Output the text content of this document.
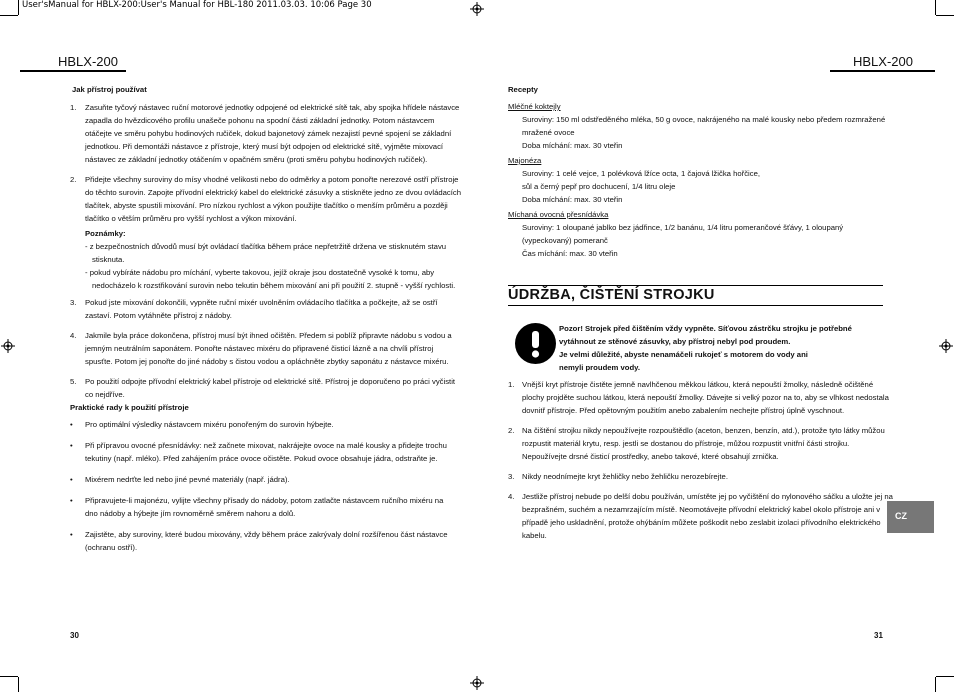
User'sManual for HBLX-200:User's Manual for HBL-180 2011.03.03. 10:06 Page 30
HBLX-200	HBLX-200
Jak přístroj používat
1. Zasuňte tyčový nástavec ruční motorové jednotky odpojené od elektrické sítě tak, aby spojka hřídele nástavce
zapadla do hvězdicového profilu unašeče pohonu na spodní části základní jednotky. Potom nástavcem
otáčejte ve směru pohybu hodinových ručiček, dokud bajonetový zámek nezajistí pevné spojení se základní
jednotkou. Při demontáži nástavce z přístroje, který musí být odpojen od elektrické sítě, vyjměte mixovací
nástavec ze základní jednotky otáčením v opačném směru (proti směru pohybu hodinových ručiček).
2. Přidejte všechny suroviny do mísy vhodné velikosti nebo do odměrky a potom ponořte nerezové ostří přístroje
do těchto surovin. Zapojte přívodní elektrický kabel do elektrické zásuvky a stiskněte jedno ze dvou ovládacích
tlačítek, abyste spustili mixování. Pro nízkou rychlost a výkon použijte tlačítko o menším průměru a později
tlačítko o větším průměru pro vyšší rychlost a výkon mixování.
Poznámky:
- z bezpečnostních důvodů musí být ovládací tlačítka během práce nepřetržitě držena ve stisknutém stavu
stisknuta.
- pokud vybíráte nádobu pro míchání, vyberte takovou, jejíž okraje jsou dostatečně vysoké k tomu, aby
nedocházelo k rozstřikování surovin nebo tekutin během mixování ani při použití 2. stupně - vyšší rychlosti.
3. Pokud jste mixování dokončili, vypněte ruční mixér uvolněním ovládacího tlačítka a počkejte, až se ostří
zastaví. Potom vytáhněte přístroj z nádoby.
4. Jakmile byla práce dokončena, přístroj musí být ihned očištěn. Předem si poblíž připravte nádobu s vodou a
jemným neutrálním saponátem. Ponořte nástavec mixéru do připravené čisticí lázně a na chvíli přístroj
spusťte. Potom jej ponořte do jiné nádoby s čistou vodou a opláchněte zbytky saponátu z nástavce mixéru.
5. Po použití odpojte přívodní elektrický kabel přístroje od elektrické sítě. Přístroj je doporučeno po práci vyčistit
co nejdříve.
Praktické rady k použití přístroje
• Pro optimální výsledky nástavcem mixéru ponořeným do surovin hýbejte.
• Při přípravou ovocné přesnídávky: než začnete mixovat, nakrájejte ovoce na malé kousky a přidejte trochu
tekutiny (např. mléko). Před zahájením práce ovoce očistěte. Pokud ovoce obsahuje jádra, odstraňte je.
• Mixérem nedrťte led nebo jiné pevné materiály (např. jádra).
• Připravujete-li majonézu, vylijte všechny přísady do nádoby, potom zatlačte nástavcem ručního mixéru na
dno nádoby a hýbejte jím rovnoměrně směrem nahoru a dolů.
• Zajistěte, aby suroviny, které budou mixovány, vždy během práce zakrývaly dolní rozšířenou část nástavce
(ochranu ostří).
30
Recepty
Mléčné koktejly
Suroviny: 150 ml odstředěného mléka, 50 g ovoce, nakrájeného na malé kousky nebo předem rozmražené
mražené ovoce
Doba míchání: max. 30 vteřin
Majonéza
Suroviny: 1 celé vejce, 1 polévková lžíce octa, 1 čajová lžička hořčice,
sůl a černý pepř pro dochucení, 1/4 litru oleje
Doba míchání: max. 30 vteřin
Míchaná ovocná přesnídávka
Suroviny: 1 oloupané jablko bez jádřince, 1/2 banánu, 1/4 litru pomerančové šťávy, 1 oloupaný
(vypeckovaný) pomeranč
Čas míchání: max. 30 vteřin
ÚDRŽBA, ČIŠTĚNÍ STROJKU
Pozor! Strojek před čištěním vždy vypněte. Síťovou zástrčku strojku je potřebné
vytáhnout ze stěnové zásuvky, aby přístroj nebyl pod proudem.
Je velmi důležité, abyste nenamáčeli rukojeť s motorem do vody ani
nemyli proudem vody.
1. Vnější kryt přístroje čistěte jemně navlhčenou měkkou látkou, která nepouští žmolky, následně očištěné
plochy projděte suchou látkou, která nepouští žmolky. Dávejte si velký pozor na to, aby se vlhkost nedostala
dovnitř přístroje. Před opětovným použitím anebo zabalením nechejte přístroj úplně vyschnout.
2. Na čištění strojku nikdy nepoužívejte rozpouštědlo (aceton, benzen, benzín, atd.), protože tyto látky můžou
rozpustit materiál krytu, resp. jestli se dostanou do přístroje, můžou rozpustit vnitřní části strojku.
Nepoužívejte drsné čisticí prostředky, anebo takové, které obsahují zrnička.
3. Nikdy neodnímejte kryt žehličky nebo žehličku nerozebírejte.
4. Jestliže přístroj nebude po delší dobu používán, umístěte jej po vyčištění do nylonového sáčku a uložte jej na
bezprašném, suchém a nezamrzajícím místě. Neomotávejte přívodní elektrický kabel okolo přístroje ani v
případě jeho uskladnění, protože ohýbáním můžete poškodit nebo zeslabit izolaci přívodního elektrického
kabelu.
CZ
31
